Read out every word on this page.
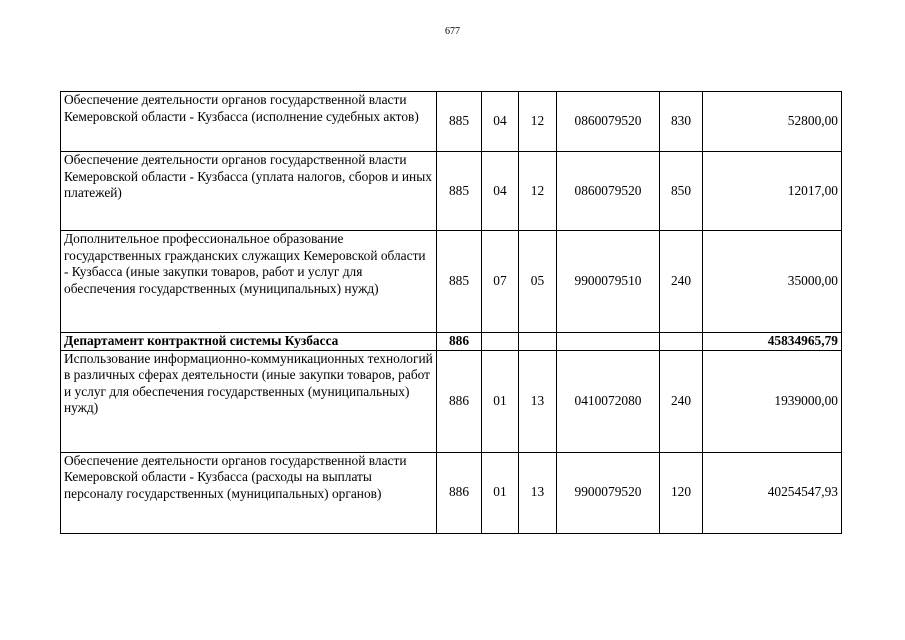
677
Обеспечение деятельности органов государственной власти Кемеровской области - Кузбасса (исполнение судебных актов)	885	04	12	0860079520	830	52800,00
Обеспечение деятельности органов государственной власти Кемеровской области - Кузбасса (уплата налогов, сборов и иных платежей)	885	04	12	0860079520	850	12017,00
Дополнительное профессиональное образование государственных гражданских служащих Кемеровской области - Кузбасса (иные закупки товаров, работ и услуг для обеспечения государственных (муниципальных) нужд)	885	07	05	9900079510	240	35000,00
Департамент контрактной системы Кузбасса	886					45834965,79
Использование информационно-коммуникационных технологий в различных сферах деятельности (иные закупки товаров, работ и услуг для обеспечения государственных (муниципальных) нужд)	886	01	13	0410072080	240	1939000,00
Обеспечение деятельности органов государственной власти Кемеровской области - Кузбасса (расходы на выплаты персоналу государственных (муниципальных) органов)	886	01	13	9900079520	120	40254547,93
